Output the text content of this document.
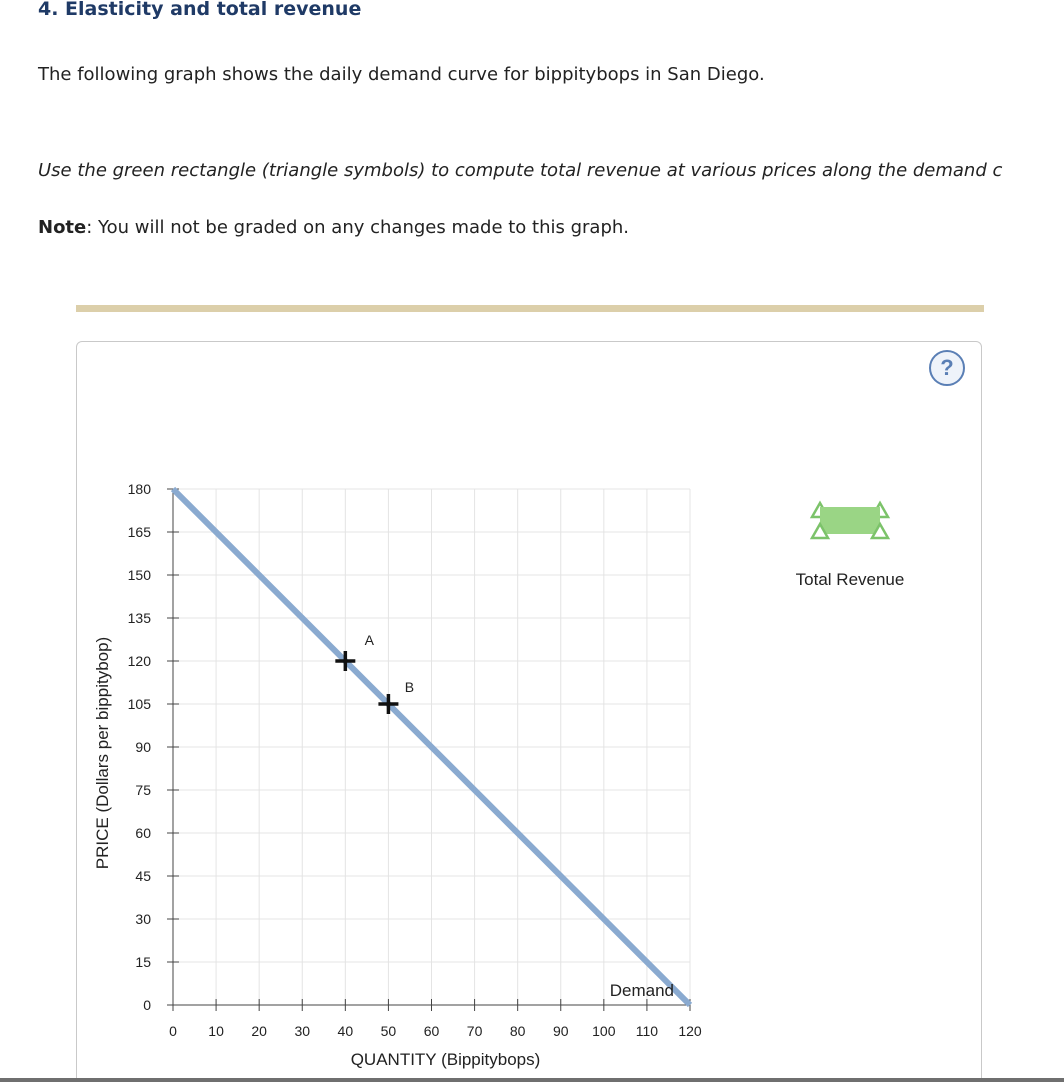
4. Elasticity and total revenue
The following graph shows the daily demand curve for bippitybops in San Diego.
Use the green rectangle (triangle symbols) to compute total revenue at various prices along the demand c
Note: You will not be graded on any changes made to this graph.
?
0
15
30
45
60
75
90
105
120
135
150
165
180
0 10 20 30 40 50 60 70 80 90 100 110 120
QUANTITY (Bippitybops)
PRICE (Dollars per bippitybop)
Demand
A
B
Total Revenue
